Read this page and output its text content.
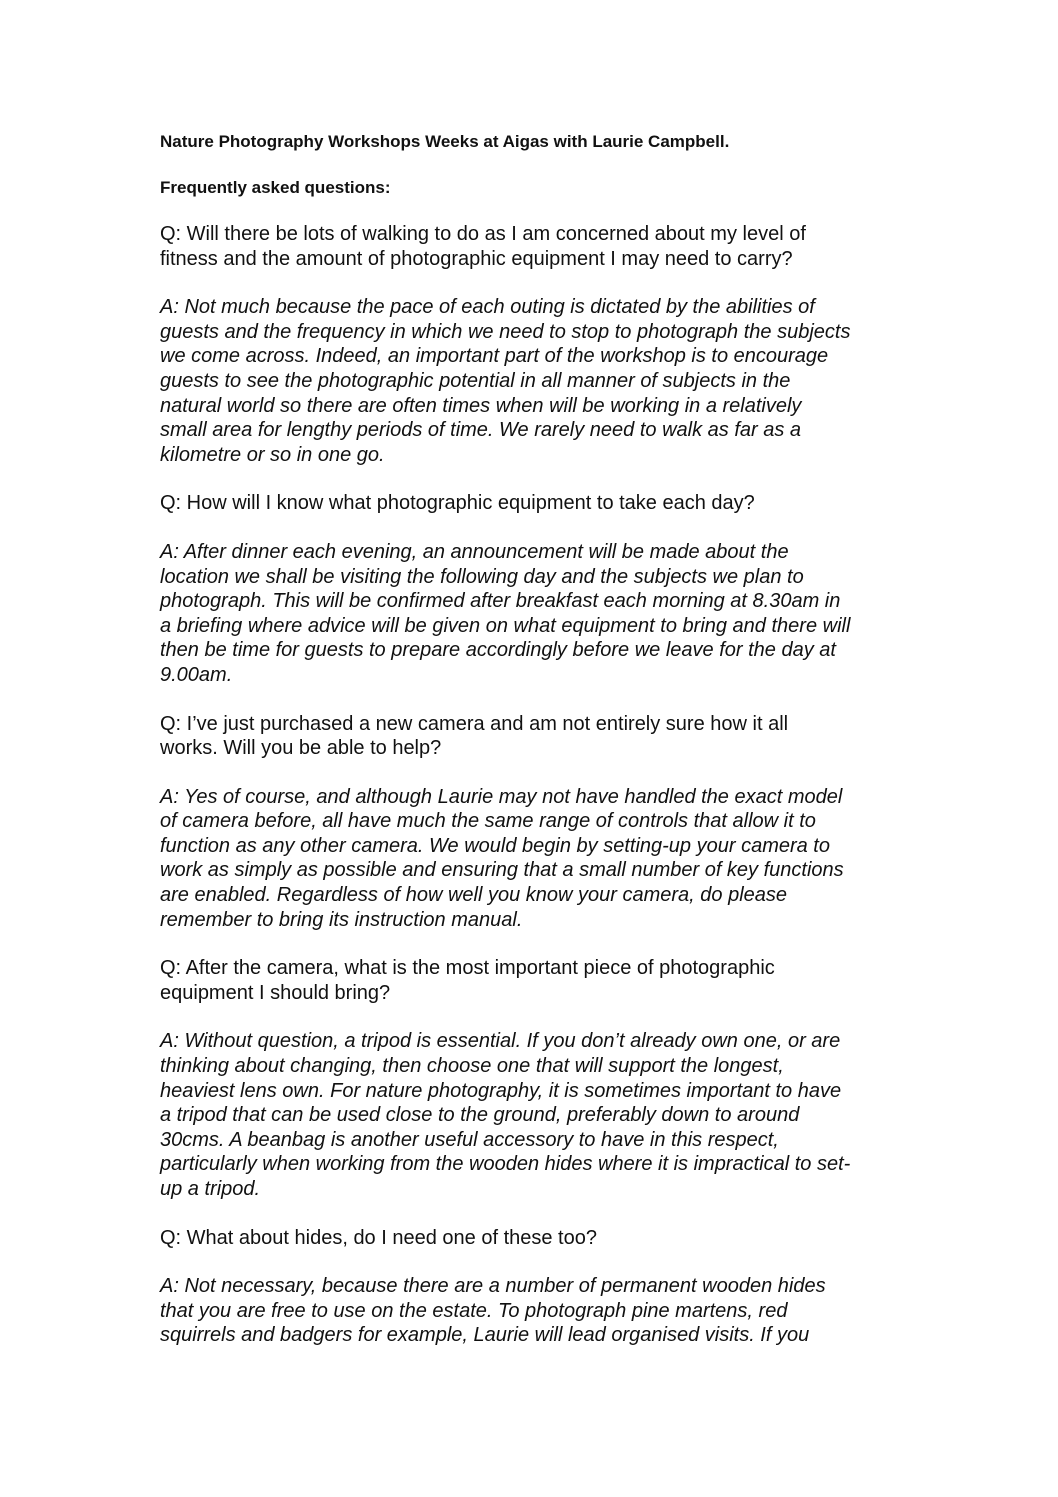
Nature Photography Workshops Weeks at Aigas with Laurie Campbell.

Frequently asked questions:

Q: Will there be lots of walking to do as I am concerned about my level of
fitness and the amount of photographic equipment I may need to carry?

A: Not much because the pace of each outing is dictated by the abilities of
guests and the frequency in which we need to stop to photograph the subjects
we come across. Indeed, an important part of the workshop is to encourage
guests to see the photographic potential in all manner of subjects in the
natural world so there are often times when will be working in a relatively
small area for lengthy periods of time. We rarely need to walk as far as a
kilometre or so in one go.

Q: How will I know what photographic equipment to take each day?

A: After dinner each evening, an announcement will be made about the
location we shall be visiting the following day and the subjects we plan to
photograph. This will be confirmed after breakfast each morning at 8.30am in
a briefing where advice will be given on what equipment to bring and there will
then be time for guests to prepare accordingly before we leave for the day at
9.00am.

Q: I’ve just purchased a new camera and am not entirely sure how it all
works. Will you be able to help?

A: Yes of course, and although Laurie may not have handled the exact model
of camera before, all have much the same range of controls that allow it to
function as any other camera. We would begin by setting-up your camera to
work as simply as possible and ensuring that a small number of key functions
are enabled. Regardless of how well you know your camera, do please
remember to bring its instruction manual.

Q: After the camera, what is the most important piece of photographic
equipment I should bring?

A: Without question, a tripod is essential. If you don’t already own one, or are
thinking about changing, then choose one that will support the longest,
heaviest lens own. For nature photography, it is sometimes important to have
a tripod that can be used close to the ground, preferably down to around
30cms. A beanbag is another useful accessory to have in this respect,
particularly when working from the wooden hides where it is impractical to set-
up a tripod.

Q: What about hides, do I need one of these too?

A: Not necessary, because there are a number of permanent wooden hides
that you are free to use on the estate. To photograph pine martens, red
squirrels and badgers for example, Laurie will lead organised visits. If you
